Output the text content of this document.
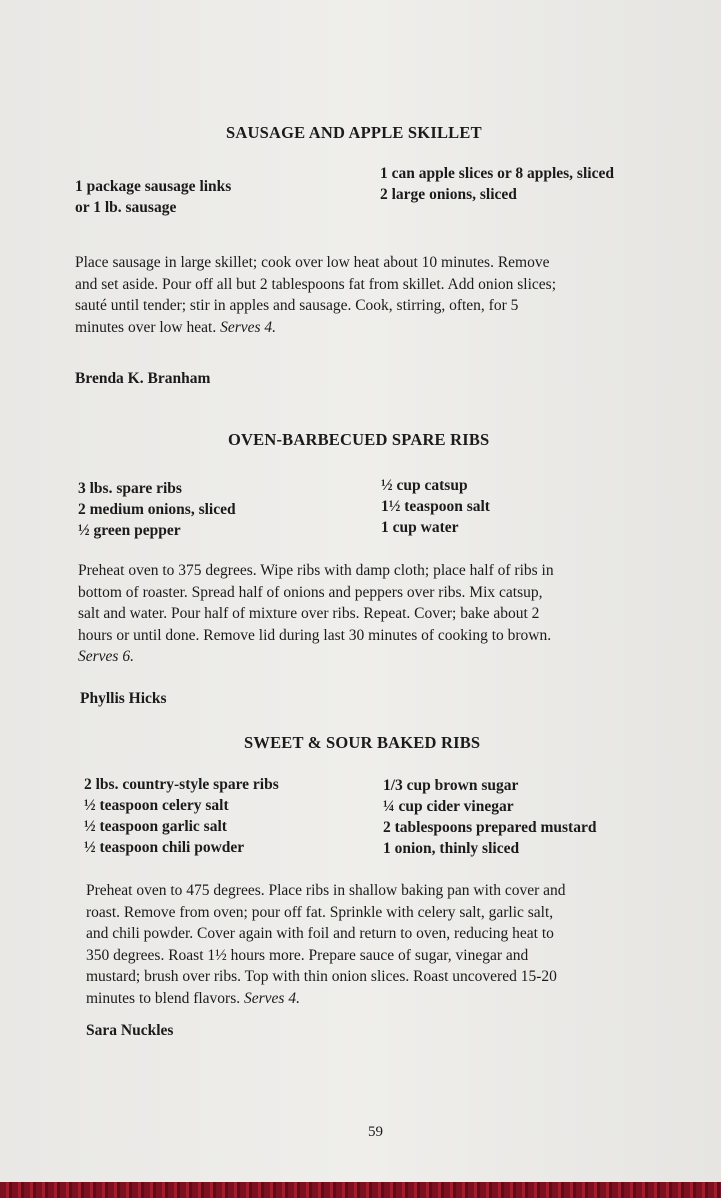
SAUSAGE AND APPLE SKILLET
1 package sausage links
or 1 lb. sausage
1 can apple slices or 8 apples, sliced
2 large onions, sliced
Place sausage in large skillet; cook over low heat about 10 minutes. Remove
and set aside. Pour off all but 2 tablespoons fat from skillet. Add onion slices;
sauté until tender; stir in apples and sausage. Cook, stirring, often, for 5
minutes over low heat. Serves 4.
Brenda K. Branham
OVEN-BARBECUED SPARE RIBS
3 lbs. spare ribs
2 medium onions, sliced
½ green pepper
½ cup catsup
1½ teaspoon salt
1 cup water
Preheat oven to 375 degrees. Wipe ribs with damp cloth; place half of ribs in
bottom of roaster. Spread half of onions and peppers over ribs. Mix catsup,
salt and water. Pour half of mixture over ribs. Repeat. Cover; bake about 2
hours or until done. Remove lid during last 30 minutes of cooking to brown.
Serves 6.
Phyllis Hicks
SWEET & SOUR BAKED RIBS
2 lbs. country-style spare ribs
½ teaspoon celery salt
½ teaspoon garlic salt
½ teaspoon chili powder
1/3 cup brown sugar
¼ cup cider vinegar
2 tablespoons prepared mustard
1 onion, thinly sliced
Preheat oven to 475 degrees. Place ribs in shallow baking pan with cover and
roast. Remove from oven; pour off fat. Sprinkle with celery salt, garlic salt,
and chili powder. Cover again with foil and return to oven, reducing heat to
350 degrees. Roast 1½ hours more. Prepare sauce of sugar, vinegar and
mustard; brush over ribs. Top with thin onion slices. Roast uncovered 15-20
minutes to blend flavors. Serves 4.
Sara Nuckles
59
